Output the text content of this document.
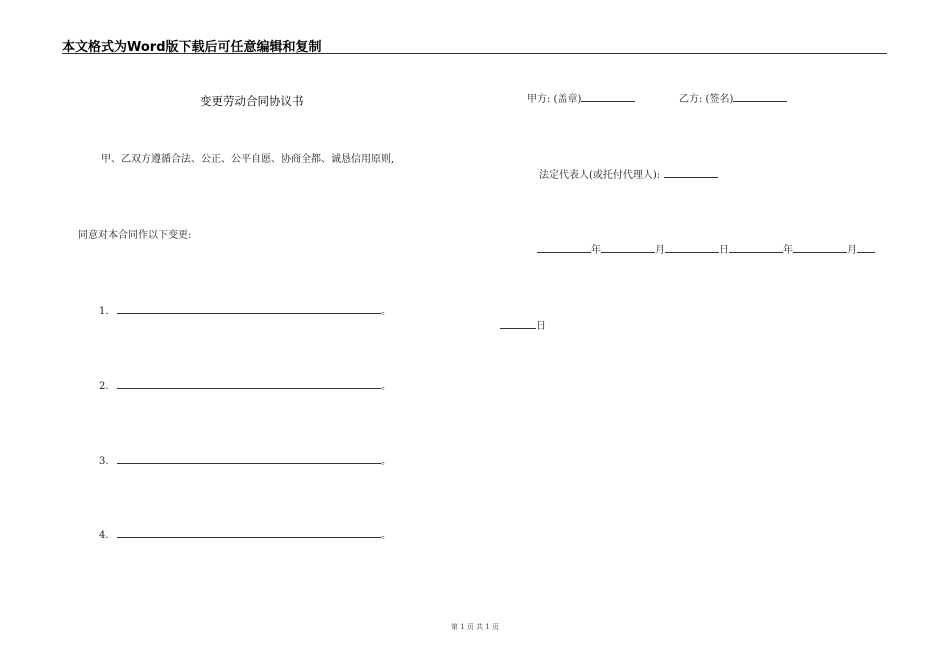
本文格式为Word版下载后可任意编辑和复制
变更劳动合同协议书
甲、乙双方遵循合法、公正、公平自愿、协商全都、诚恳信用原则,
同意对本合同作以下变更:
1.	。
2.	。
3.	。
4.	。
甲方: (盖章)	乙方: (签名)
法定代表人(或托付代理人):
年	月	日	年	月
日
第 1 页 共 1 页
